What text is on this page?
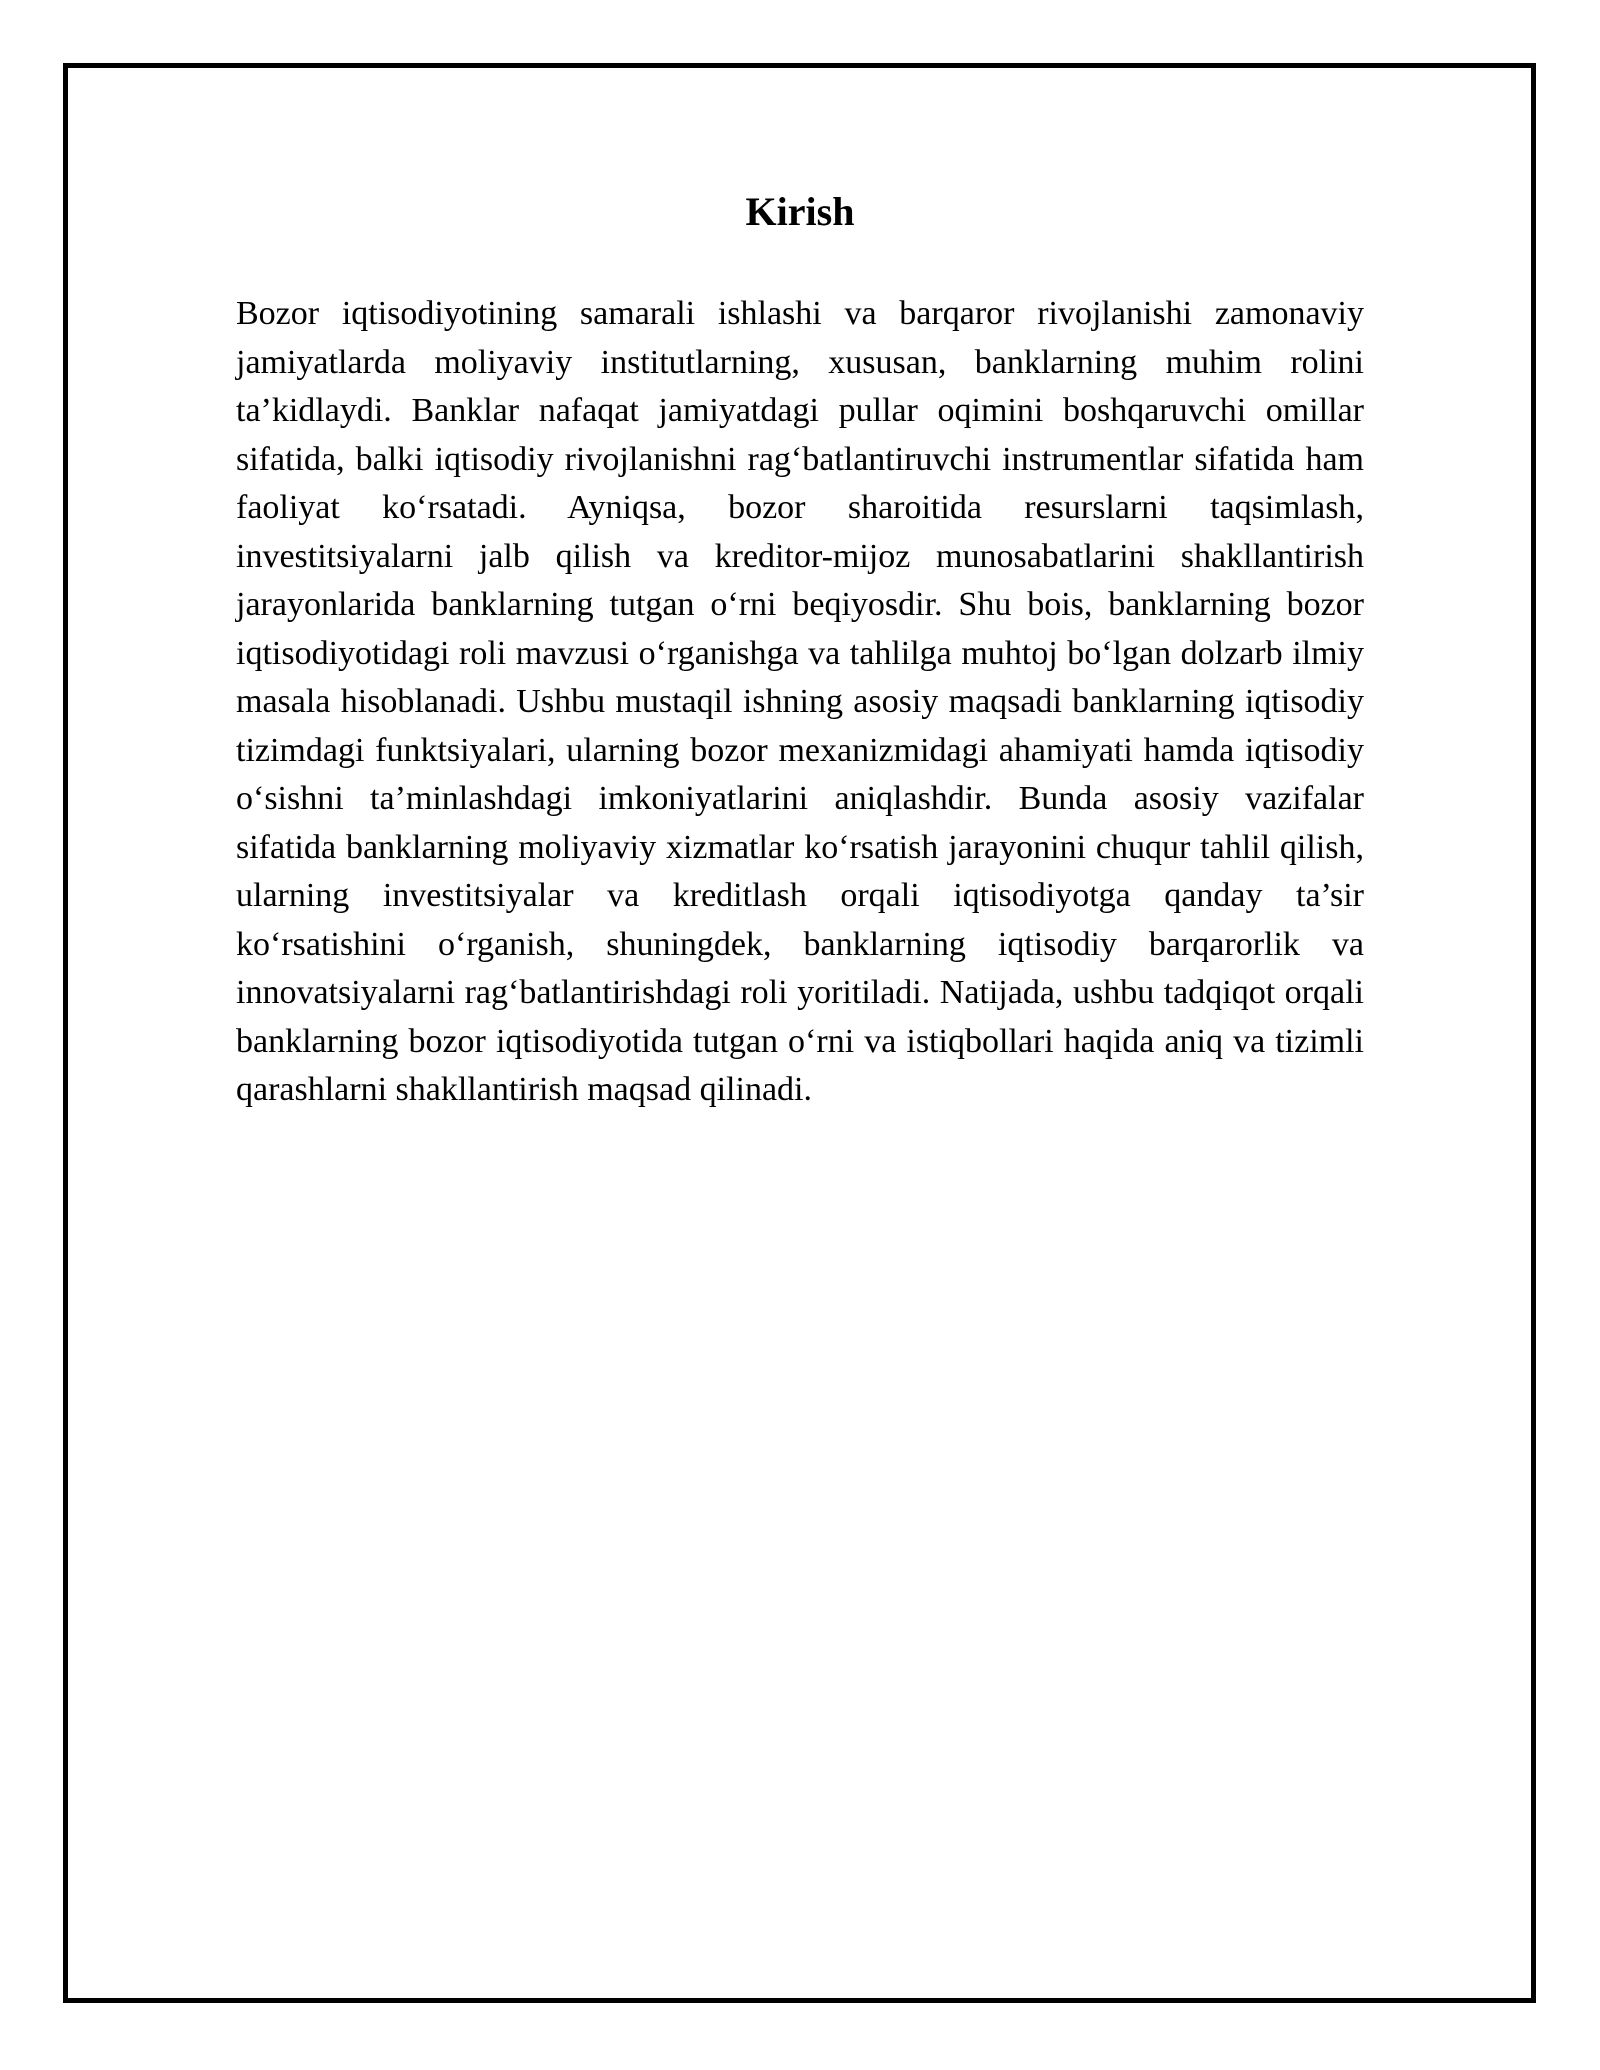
Kirish

Bozor iqtisodiyotining samarali ishlashi va barqaror rivojlanishi zamonaviy jamiyatlarda moliyaviy institutlarning, xususan, banklarning muhim rolini ta’kidlaydi. Banklar nafaqat jamiyatdagi pullar oqimini boshqaruvchi omillar sifatida, balki iqtisodiy rivojlanishni rag‘batlantiruvchi instrumentlar sifatida ham faoliyat ko‘rsatadi. Ayniqsa, bozor sharoitida resurslarni taqsimlash, investitsiyalarni jalb qilish va kreditor-mijoz munosabatlarini shakllantirish jarayonlarida banklarning tutgan o‘rni beqiyosdir. Shu bois, banklarning bozor iqtisodiyotidagi roli mavzusi o‘rganishga va tahlilga muhtoj bo‘lgan dolzarb ilmiy masala hisoblanadi. Ushbu mustaqil ishning asosiy maqsadi banklarning iqtisodiy tizimdagi funktsiyalari, ularning bozor mexanizmidagi ahamiyati hamda iqtisodiy o‘sishni ta’minlashdagi imkoniyatlarini aniqlashdir. Bunda asosiy vazifalar sifatida banklarning moliyaviy xizmatlar ko‘rsatish jarayonini chuqur tahlil qilish, ularning investitsiyalar va kreditlash orqali iqtisodiyotga qanday ta’sir ko‘rsatishini o‘rganish, shuningdek, banklarning iqtisodiy barqarorlik va innovatsiyalarni rag‘batlantirishdagi roli yoritiladi. Natijada, ushbu tadqiqot orqali banklarning bozor iqtisodiyotida tutgan o‘rni va istiqbollari haqida aniq va tizimli qarashlarni shakllantirish maqsad qilinadi.
